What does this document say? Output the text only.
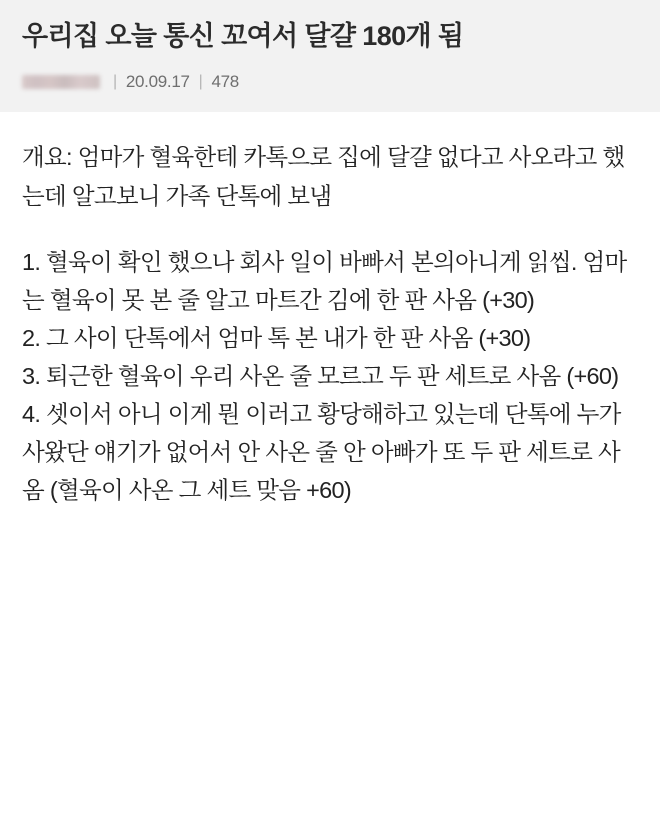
우리집 오늘 통신 꼬여서 달걀 180개 됨
| 20.09.17 | 478

개요: 엄마가 혈육한테 카톡으로 집에 달걀 없다고 사오라고 했는데 알고보니 가족 단톡에 보냄

1. 혈육이 확인 했으나 회사 일이 바빠서 본의아니게 읽씹. 엄마는 혈육이 못 본 줄 알고 마트간 김에 한 판 사옴 (+30)

2. 그 사이 단톡에서 엄마 톡 본 내가 한 판 사옴 (+30)

3. 퇴근한 혈육이 우리 사온 줄 모르고 두 판 세트로 사옴 (+60)

4. 셋이서 아니 이게 뭔 이러고 황당해하고 있는데 단톡에 누가 사왔단 얘기가 없어서 안 사온 줄 안 아빠가 또 두 판 세트로 사옴 (혈육이 사온 그 세트 맞음 +60)
